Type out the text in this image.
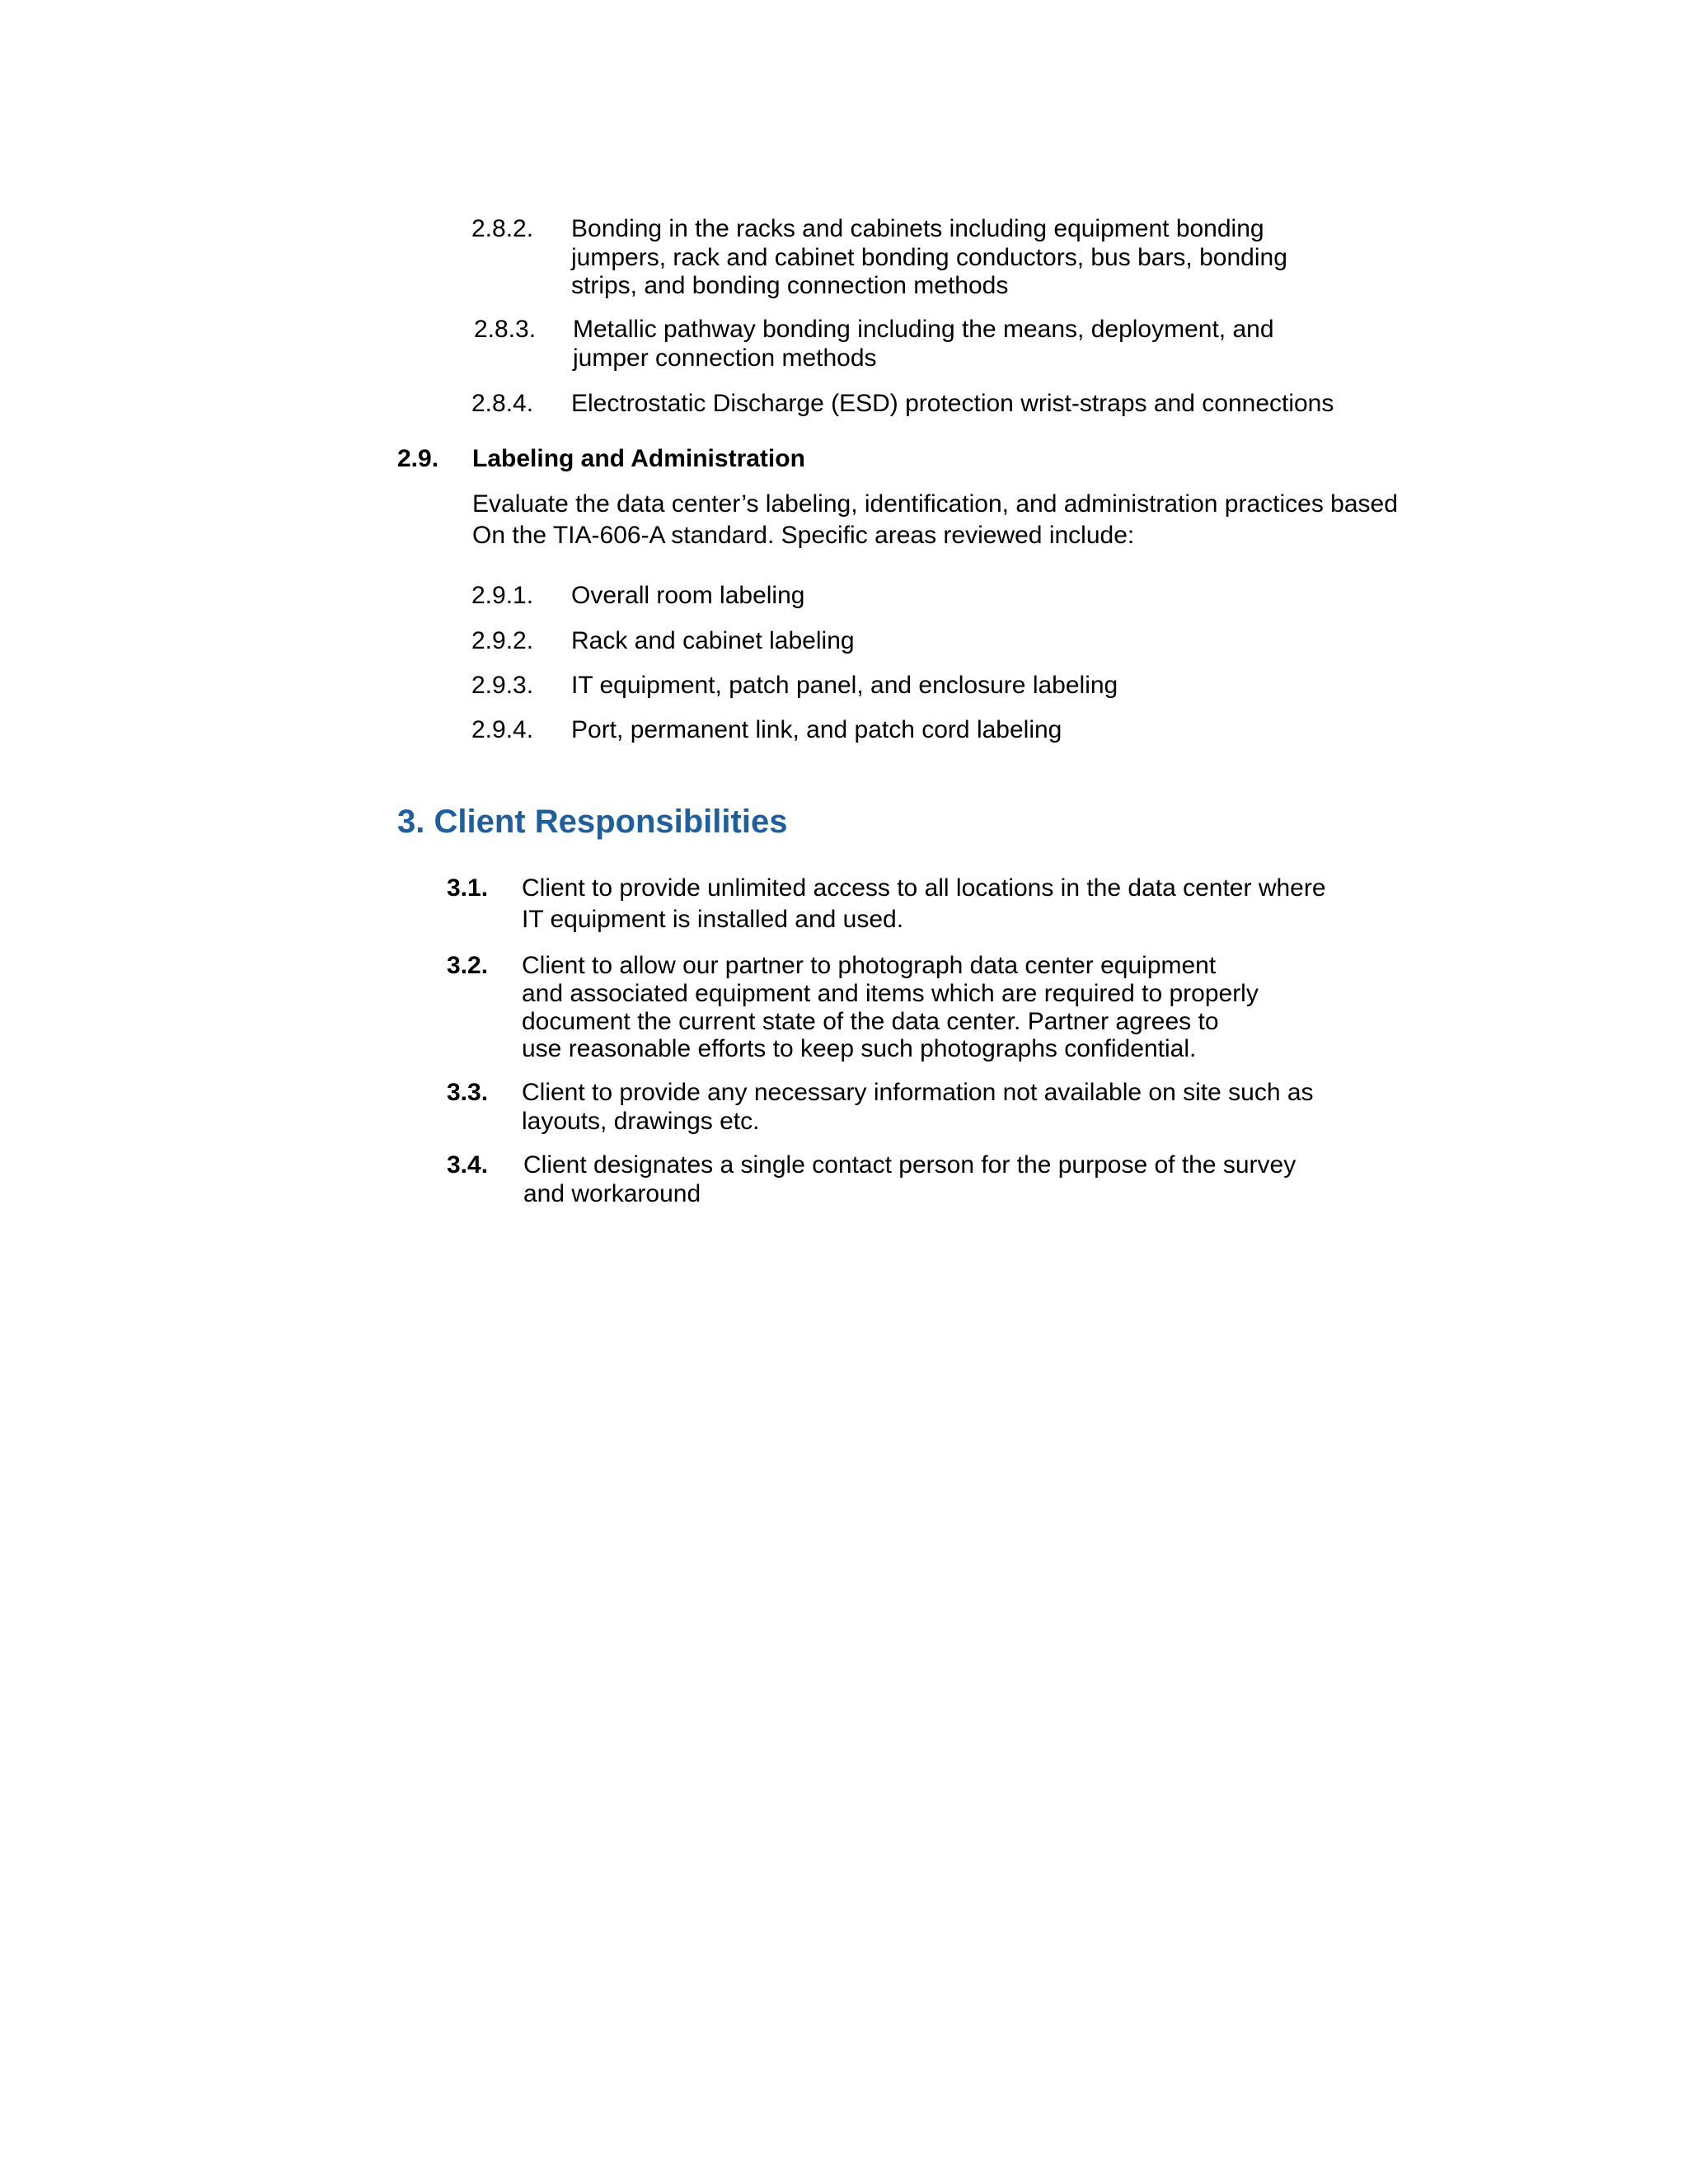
2.8.2. Bonding in the racks and cabinets including equipment bonding
jumpers, rack and cabinet bonding conductors, bus bars, bonding
strips, and bonding connection methods
2.8.3. Metallic pathway bonding including the means, deployment, and
jumper connection methods
2.8.4. Electrostatic Discharge (ESD) protection wrist-straps and connections
2.9. Labeling and Administration
Evaluate the data center’s labeling, identification, and administration practices based
On the TIA-606-A standard. Specific areas reviewed include:
2.9.1. Overall room labeling
2.9.2. Rack and cabinet labeling
2.9.3. IT equipment, patch panel, and enclosure labeling
2.9.4. Port, permanent link, and patch cord labeling
3. Client Responsibilities
3.1. Client to provide unlimited access to all locations in the data center where
IT equipment is installed and used.
3.2. Client to allow our partner to photograph data center equipment
and associated equipment and items which are required to properly
document the current state of the data center. Partner agrees to
use reasonable efforts to keep such photographs confidential.
3.3. Client to provide any necessary information not available on site such as
layouts, drawings etc.
3.4. Client designates a single contact person for the purpose of the survey
and workaround
